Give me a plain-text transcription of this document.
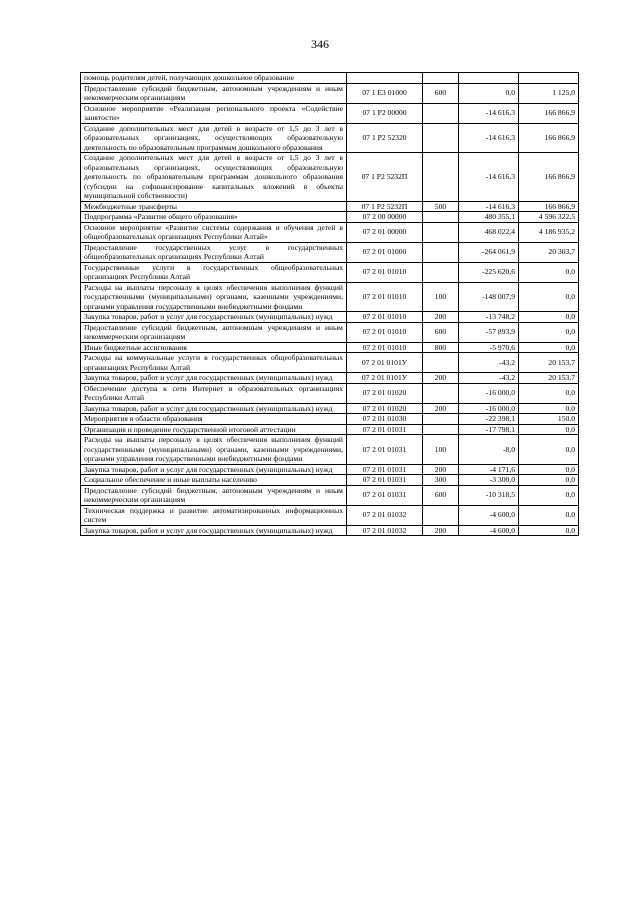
346
помощь родителям детей, получающих дошкольное образование				
Предоставление субсидий бюджетным, автономным учреждениям и иным некоммерческим организациям	07 1 E3 01000	600	0,0	1 125,0
Основное мероприятие «Реализация регионального проекта «Содействие занятости»	07 1 P2 00000		-14 616,3	166 866,9
Создание дополнительных мест для детей в возрасте от 1,5 до 3 лет в образовательных организациях, осуществляющих образовательную деятельность по образовательным программам дошкольного образования	07 1 P2 52320		-14 616,3	166 866,9
Создание дополнительных мест для детей в возрасте от 1,5 до 3 лет в образовательных организациях, осуществляющих образовательную деятельность по образовательным программам дошкольного образования (субсидии на софинансирование капитальных вложений в объекты муниципальной собственности)	07 1 P2 5232П		-14 616,3	166 866,9
Межбюджетные трансферты	07 1 P2 5232П	500	-14 616,3	166 866,9
Подпрограмма «Развитие общего образования»	07 2 00 00000		480 355,1	4 596 322,5
Основное мероприятие «Развитие системы содержания и обучения детей в общеобразовательных организациях Республики Алтай»	07 2 01 00000		468 022,4	4 186 935,2
Предоставление государственных услуг в государственных общеобразовательных организациях Республики Алтай	07 2 01 01000		-264 061,9	20 303,7
Государственные услуги в государственных общеобразовательных организациях Республики Алтай	07 2 01 01010		-225 620,6	0,0
Расходы на выплаты персоналу в целях обеспечения выполнения функций государственными (муниципальными) органами, казенными учреждениями, органами управления государственными внебюджетными фондами	07 2 01 01010	100	-148 007,9	0,0
Закупка товаров, работ и услуг для государственных (муниципальных) нужд	07 2 01 01010	200	-13 748,2	0,0
Предоставление субсидий бюджетным, автономным учреждениям и иным некоммерческим организациям	07 2 01 01010	600	-57 893,9	0,0
Иные бюджетные ассигнования	07 2 01 01010	800	-5 970,6	0,0
Расходы на коммунальные услуги в государственных общеобразовательных организациях Республики Алтай	07 2 01 0101У		-43,2	20 153,7
Закупка товаров, работ и услуг для государственных (муниципальных) нужд	07 2 01 0101У	200	-43,2	20 153,7
Обеспечение доступа к сети Интернет в образовательных организациях Республики Алтай	07 2 01 01020		-16 000,0	0,0
Закупка товаров, работ и услуг для государственных (муниципальных) нужд	07 2 01 01020	200	-16 000,0	0,0
Мероприятия в области образования	07 2 01 01030		-22 398,1	150,0
Организация и проведение государственной итоговой аттестации	07 2 01 01031		-17 798,1	0,0
Расходы на выплаты персоналу в целях обеспечения выполнения функций государственными (муниципальными) органами, казенными учреждениями, органами управления государственными внебюджетными фондами	07 2 01 01031	100	-8,0	0,0
Закупка товаров, работ и услуг для государственных (муниципальных) нужд	07 2 01 01031	200	-4 171,6	0,0
Социальное обеспечение и иные выплаты населению	07 2 01 01031	300	-3 300,0	0,0
Предоставление субсидий бюджетным, автономным учреждениям и иным некоммерческим организациям	07 2 01 01031	600	-10 318,5	0,0
Техническая поддержка и развитие автоматизированных информационных систем	07 2 01 01032		-4 600,0	0,0
Закупка товаров, работ и услуг для государственных (муниципальных) нужд	07 2 01 01032	200	-4 600,0	0,0
